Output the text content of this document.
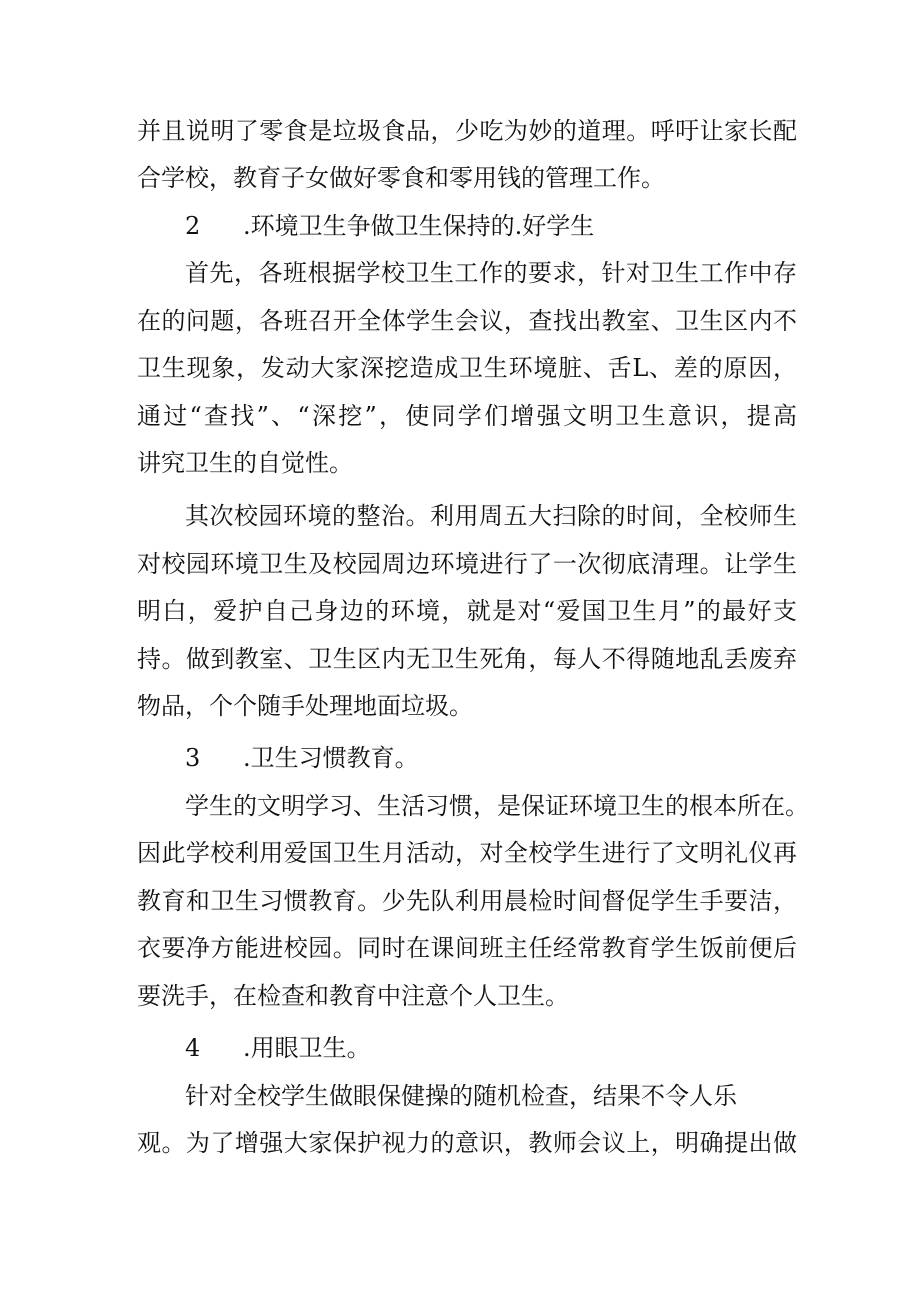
并且说明了零食是垃圾食品，少吃为妙的道理。呼吁让家长配
合学校，教育子女做好零食和零用钱的管理工作。
2 .环境卫生争做卫生保持的.好学生
首先，各班根据学校卫生工作的要求，针对卫生工作中存
在的问题，各班召开全体学生会议，查找出教室、卫生区内不
卫生现象，发动大家深挖造成卫生环境脏、舌L、差的原因，
通过“查找”、“深挖”，使同学们增强文明卫生意识，提高
讲究卫生的自觉性。
其次校园环境的整治。利用周五大扫除的时间，全校师生
对校园环境卫生及校园周边环境进行了一次彻底清理。让学生
明白，爱护自己身边的环境，就是对“爱国卫生月”的最好支
持。做到教室、卫生区内无卫生死角，每人不得随地乱丢废弃
物品，个个随手处理地面垃圾。
3 .卫生习惯教育。
学生的文明学习、生活习惯，是保证环境卫生的根本所在。
因此学校利用爱国卫生月活动，对全校学生进行了文明礼仪再
教育和卫生习惯教育。少先队利用晨检时间督促学生手要洁，
衣要净方能进校园。同时在课间班主任经常教育学生饭前便后
要洗手，在检查和教育中注意个人卫生。
4 .用眼卫生。
针对全校学生做眼保健操的随机检查，结果不令人乐
观。为了增强大家保护视力的意识，教师会议上，明确提出做
